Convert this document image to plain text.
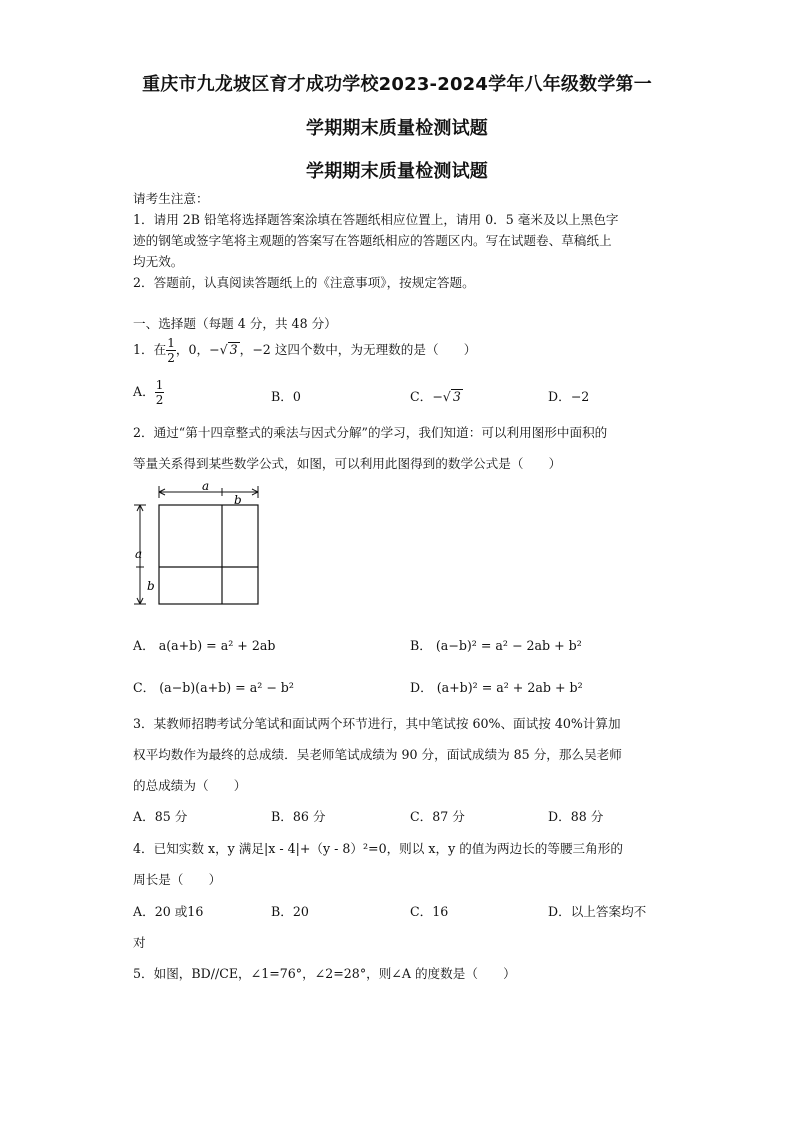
重庆市九龙坡区育才成功学校2023-2024学年八年级数学第一
学期期末质量检测试题
学期期末质量检测试题
请考生注意：
1．请用 2B 铅笔将选择题答案涂填在答题纸相应位置上，请用 0．5 毫米及以上黑色字
迹的钢笔或签字笔将主观题的答案写在答题纸相应的答题区内。写在试题卷、草稿纸上
均无效。
2．答题前，认真阅读答题纸上的《注意事项》，按规定答题。
一、选择题（每题 4 分，共 48 分）
1．在 $\frac{1}{2}$ ，0，−√ 3 ，−2 这四个数中，为无理数的是（　　）
A． $\frac{1}{2}$	B．0	C．−√ 3	D．−2
2．通过“第十四章整式的乘法与因式分解”的学习，我们知道：可以利用图形中面积的
等量关系得到某些数学公式，如图，可以利用此图得到的数学公式是（　　）
a
b
a
b
A． a(a+b) = a² + 2ab	B． (a−b)² = a² − 2ab + b²
C． (a−b)(a+b) = a² − b²	D． (a+b)² = a² + 2ab + b²
3．某教师招聘考试分笔试和面试两个环节进行，其中笔试按 60%、面试按 40%计算加
权平均数作为最终的总成绩．吴老师笔试成绩为 90 分，面试成绩为 85 分，那么吴老师
的总成绩为（　　）
A．85 分	B．86 分	C．87 分	D．88 分
4．已知实数 x，y 满足|x - 4|+（y - 8）²=0，则以 x，y 的值为两边长的等腰三角形的
周长是（　　）
A．20 或16	B．20	C．16	D．以上答案均不
对
5．如图，BD//CE，∠1=76°，∠2=28°，则∠A 的度数是（　　）
